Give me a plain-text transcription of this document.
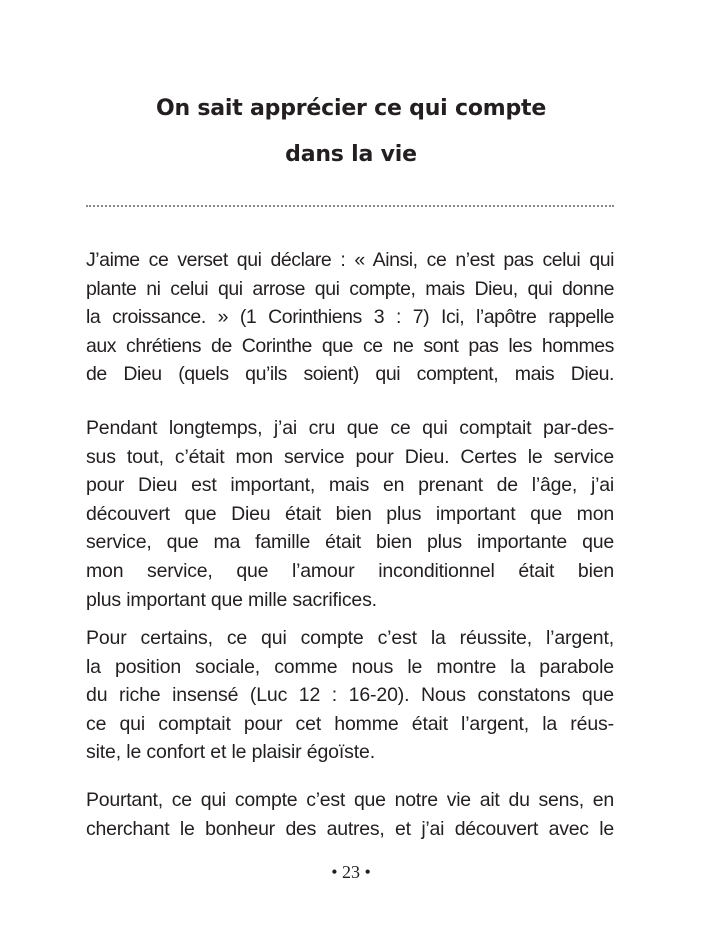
On sait apprécier ce qui compte
dans la vie

J’aime ce verset qui déclare : « Ainsi, ce n’est pas celui qui
plante ni celui qui arrose qui compte, mais Dieu, qui donne
la croissance. » (1 Corinthiens 3 : 7) Ici, l’apôtre rappelle
aux chrétiens de Corinthe que ce ne sont pas les hommes
de Dieu (quels qu’ils soient) qui comptent, mais Dieu.

Pendant longtemps, j’ai cru que ce qui comptait par-des-
sus tout, c’était mon service pour Dieu. Certes le service
pour Dieu est important, mais en prenant de l’âge, j’ai
découvert que Dieu était bien plus important que mon
service, que ma famille était bien plus importante que
mon service, que l’amour inconditionnel était bien
plus important que mille sacrifices.

Pour certains, ce qui compte c’est la réussite, l’argent,
la position sociale, comme nous le montre la parabole
du riche insensé (Luc 12 : 16-20). Nous constatons que
ce qui comptait pour cet homme était l’argent, la réus-
site, le confort et le plaisir égoïste.

Pourtant, ce qui compte c’est que notre vie ait du sens, en
cherchant le bonheur des autres, et j’ai découvert avec le

• 23 •
